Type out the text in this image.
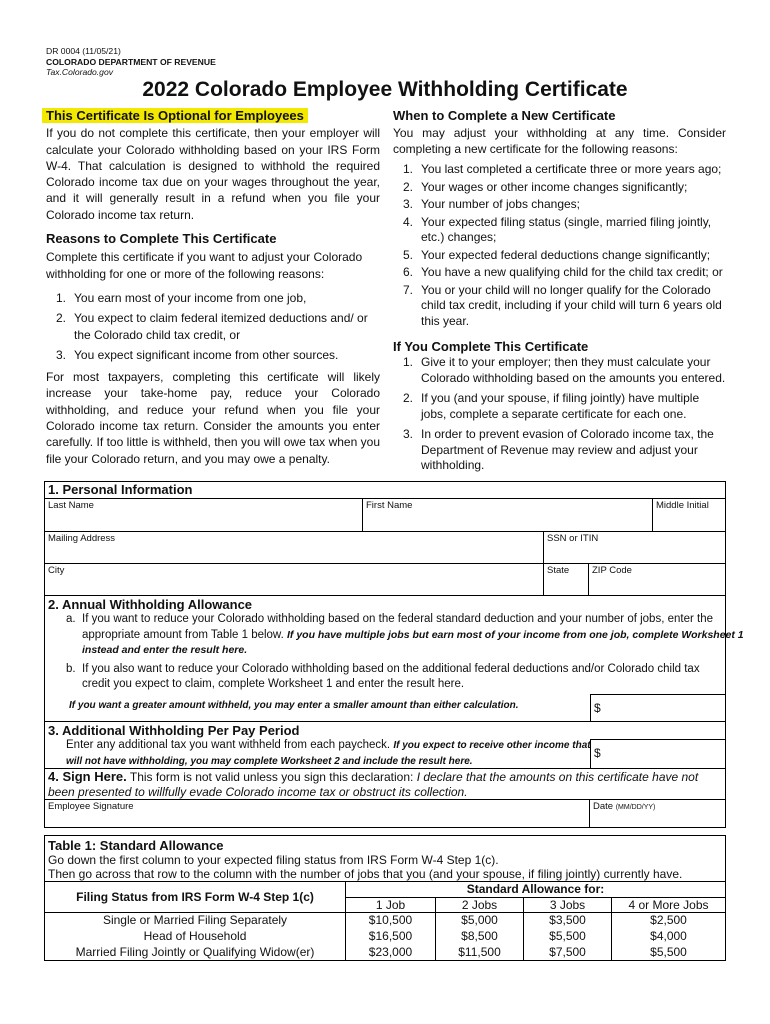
DR 0004 (11/05/21)
COLORADO DEPARTMENT OF REVENUE
Tax.Colorado.gov
2022 Colorado Employee Withholding Certificate

This Certificate Is Optional for Employees

If you do not complete this certificate, then your employer will calculate your Colorado withholding based on your IRS Form W-4. That calculation is designed to withhold the required Colorado income tax due on your wages throughout the year, and it will generally result in a refund when you file your Colorado income tax return.

Reasons to Complete This Certificate

Complete this certificate if you want to adjust your Colorado withholding for one or more of the following reasons:

1. You earn most of your income from one job,
2. You expect to claim federal itemized deductions and/ or the Colorado child tax credit, or
3. You expect significant income from other sources.

For most taxpayers, completing this certificate will likely increase your take-home pay, reduce your Colorado withholding, and reduce your refund when you file your Colorado income tax return. Consider the amounts you enter carefully. If too little is withheld, then you will owe tax when you file your Colorado return, and you may owe a penalty.

When to Complete a New Certificate

You may adjust your withholding at any time. Consider completing a new certificate for the following reasons:

1. You last completed a certificate three or more years ago;
2. Your wages or other income changes significantly;
3. Your number of jobs changes;
4. Your expected filing status (single, married filing jointly, etc.) changes;
5. Your expected federal deductions change significantly;
6. You have a new qualifying child for the child tax credit; or
7. You or your child will no longer qualify for the Colorado child tax credit, including if your child will turn 6 years old this year.

If You Complete This Certificate

1. Give it to your employer; then they must calculate your Colorado withholding based on the amounts you entered.
2. If you (and your spouse, if filing jointly) have multiple jobs, complete a separate certificate for each one.
3. In order to prevent evasion of Colorado income tax, the Department of Revenue may review and adjust your withholding.
1. Personal Information
Last Name	First Name	Middle Initial
Mailing Address	SSN or ITIN
City	State	ZIP Code
2. Annual Withholding Allowance
a. If you want to reduce your Colorado withholding based on the federal standard deduction and your number of jobs, enter the appropriate amount from Table 1 below. If you have multiple jobs but earn most of your income from one job, complete Worksheet 1 instead and enter the result here.
b. If you also want to reduce your Colorado withholding based on the additional federal deductions and/or Colorado child tax credit you expect to claim, complete Worksheet 1 and enter the result here.
If you want a greater amount withheld, you may enter a smaller amount than either calculation.	$
3. Additional Withholding Per Pay Period
Enter any additional tax you want withheld from each paycheck. If you expect to receive other income that will not have withholding, you may complete Worksheet 2 and include the result here.
$
4. Sign Here. This form is not valid unless you sign this declaration: I declare that the amounts on this certificate have not been presented to willfully evade Colorado income tax or obstruct its collection.
Employee Signature	Date (MM/DD/YY)
Table 1: Standard Allowance
Go down the first column to your expected filing status from IRS Form W-4 Step 1(c).
Then go across that row to the column with the number of jobs that you (and your spouse, if filing jointly) currently have.
Filing Status from IRS Form W-4 Step 1(c)	Standard Allowance for:			
	1 Job	2 Jobs	3 Jobs	4 or More Jobs
Single or Married Filing Separately	$10,500	$5,000	$3,500	$2,500
Head of Household	$16,500	$8,500	$5,500	$4,000
Married Filing Jointly or Qualifying Widow(er)	$23,000	$11,500	$7,500	$5,500
